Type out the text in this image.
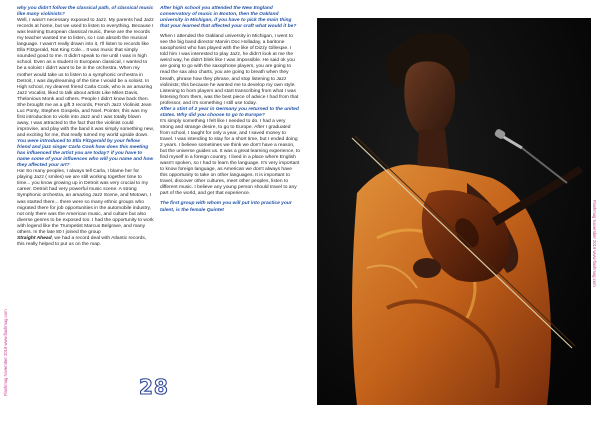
Flashmag November 2019 www.flashmag.com
Flashmag November 2019 www.flashmag.com

why you didn't follow the classical path, of classical music like many violinists?

Well, I wasn't necessary exposed to Jazz. My parents had Jazz records at home, but we used to listen to everything. Because I was learning European classical music, these are the records my teacher wanted me to listen, so I can absorb the musical language. I wasn't really drawn into it, I'll listen to records like Ella Fitzgerald, Nat King Cole... It was music that simply sounded good to me. It didn't speak to me until I was in high school. Even as a student in European classical, I wanted to be a soloist I didn't want to be in the orchestra. When my mother would take us to listen to a symphonic orchestra in Detroit, I was daydreaming of the time I would be a soloist. In High school, my dearest friend Carla Cook, who is an amazing Jazz Vocalist, liked to talk about artists Like Miles Davis, Thelonious Monk and others. People I didn't know back then. She brought me as a gift 3 records, French Jazz Violinist Jean Luc Ponty, Stephen Gospela, and Noel. Pointer, this was my first introduction to violin into Jazz and I was totally blown away. I was attracted to the fact that the violinist could improvise, and play with the band it was simply something new, and exciting for me, that really turned my world upside down.

You were introduced to Ella Fitzgerald by your fellow friend and jazz singer Carla Cook how does this meeting has influenced the artist you are today? if you have to name some of your influences who will you name and how they affected your art?

Ha! So many peoples, I always tell Carla, I blame her for playing Jazz ( smiles) we are still working together time to time... you know growing up in Detroit was very crucial to my career. Detroit had very powerful music scene. A strong Symphonic orchestra, an amazing Jazz Scene, and Motown, I was started there... there were so many ethnic groups who migrated there for job opportunities in the automobile industry, not only there was the American music, and culture but also diverse genres to be exposed too. I had the opportunity to work with legend like the Trumpetist Marcus Belgrave, and many others. In the late 80 I joined the group

Straight Ahead, we had a record deal with Atlantic records, this really helped to put us on the map.

After high school you attended the New England conservatory of music in Boston, then the Oakland university in Michigan, if you have to pick the main thing that your learned that affected your craft what would it be?

When I attended the Oakland university in Michigan, I went to see the big band director Marvin Doc Holladay, a baritone saxophonist who has played with the like of Dizzy Gillespie. I told him I was interested to play Jazz, he didn't look at me the weird way, he didn't blink like I was impossible. He said ok you are going to go with the saxophone players, you are going to read the sax also charts, you are going to breath when they breath, phrase how they phrase, and stop listening to Jazz violinists; this because he wanted me to develop my own style. Listening to horn players and start transcribing from what I was listening from them, was the best piece of advice I had from that professor, and it's something I still use today.

After a stint of 2 year in Germany you returned to the united states. Why did you choose to go to Europe?

It's simply something I felt like I needed to do. I had a very strong and strange desire, to go to Europe. After I graduated from school, I taught for only a year, and I saved money to travel. I was intending to stay for a short time, but I ended doing 2 years. I believe sometimes we think we don't have a reason, but the universe guides us. It was a great learning experience, to find myself in a foreign country. I lived in a place where English wasn't spoken, so I had to learn the language. It's very important to know foreign language, as American we don't always have this opportunity to take on other languages. It is important to travel, discover other cultures, meet other peoples, listen to different music. I believe any young person should travel to any part of the world, and get that experience.

The first group with whom you will put into practice your talent, is the female Quintet

28
